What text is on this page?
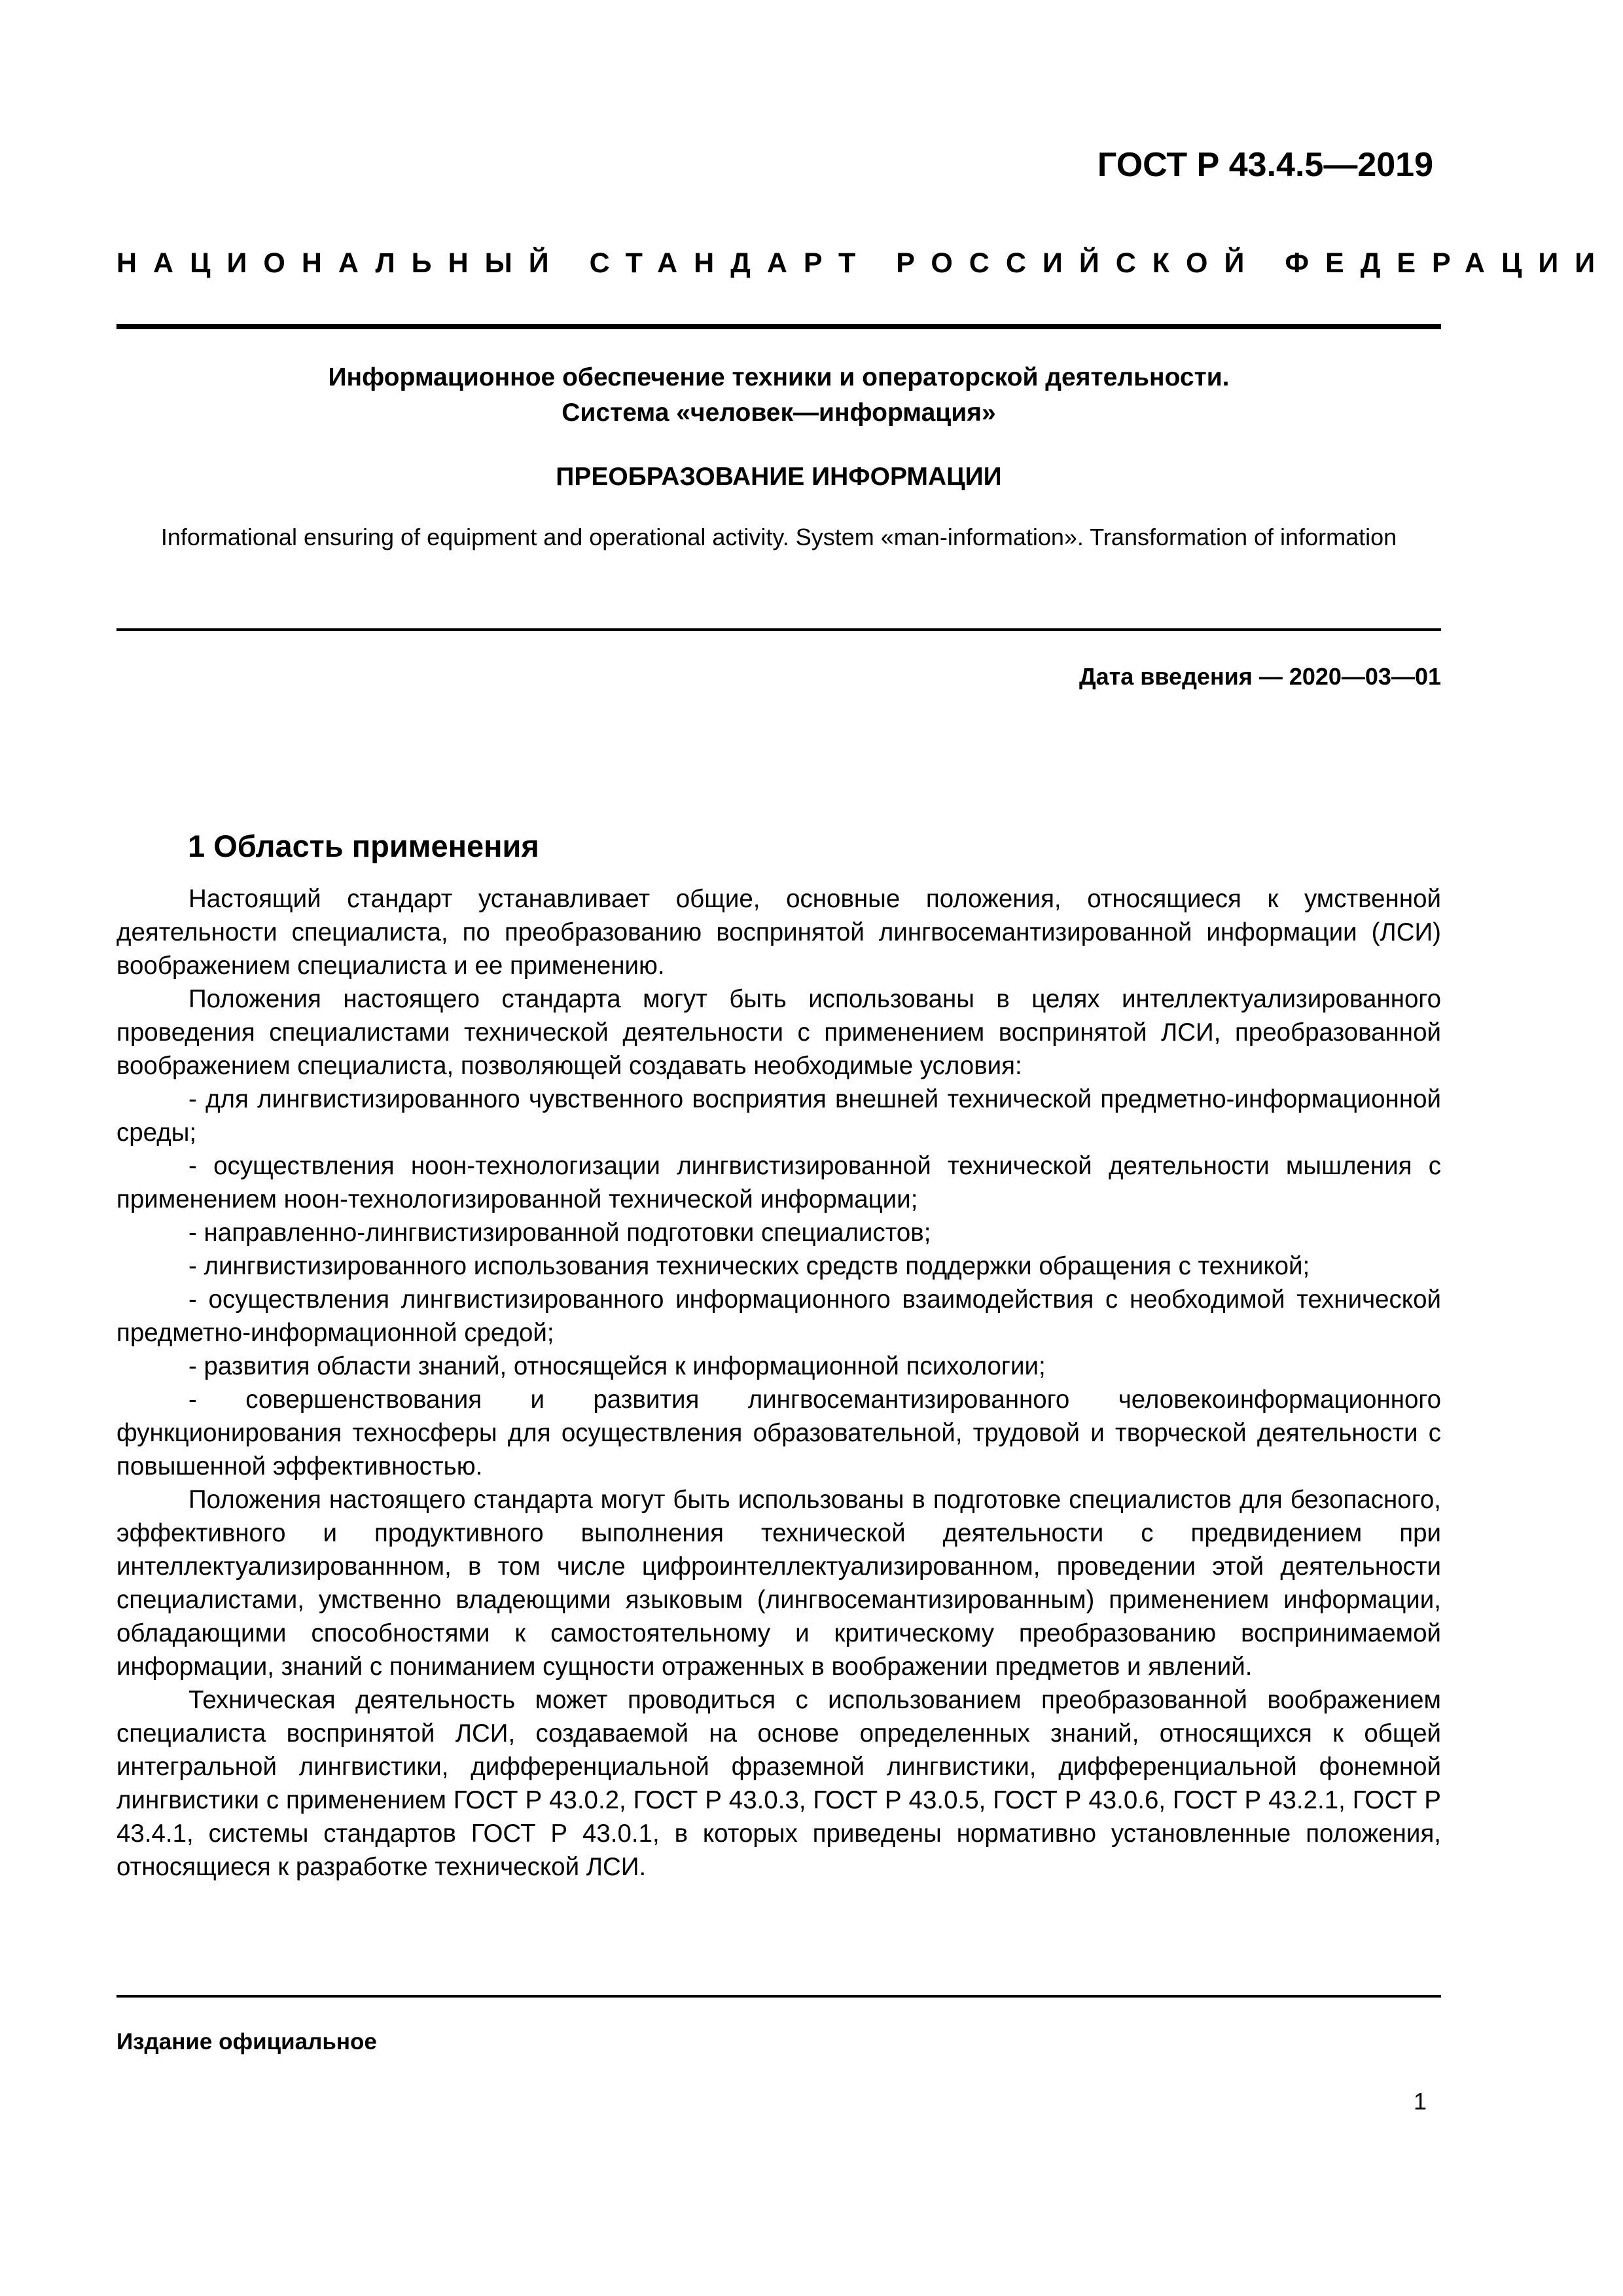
ГОСТ Р 43.4.5—2019
НАЦИОНАЛЬНЫЙ СТАНДАРТ РОССИЙСКОЙ ФЕДЕРАЦИИ
Информационное обеспечение техники и операторской деятельности.
Система «человек—информация»
ПРЕОБРАЗОВАНИЕ ИНФОРМАЦИИ
Informational ensuring of equipment and operational activity. System «man-information». Transformation of information
Дата введения — 2020—03—01
1 Область применения

Настоящий стандарт устанавливает общие, основные положения, относящиеся к умственной деятельности специалиста, по преобразованию воспринятой лингвосемантизированной информации (ЛСИ) воображением специалиста и ее применению.

Положения настоящего стандарта могут быть использованы в целях интеллектуализированного проведения специалистами технической деятельности с применением воспринятой ЛСИ, преобразованной воображением специалиста, позволяющей создавать необходимые условия:

- для лингвистизированного чувственного восприятия внешней технической предметно-информационной среды;

- осуществления ноон-технологизации лингвистизированной технической деятельности мышления с применением ноон-технологизированной технической информации;

- направленно-лингвистизированной подготовки специалистов;

- лингвистизированного использования технических средств поддержки обращения с техникой;

- осуществления лингвистизированного информационного взаимодействия с необходимой технической предметно-информационной средой;

- развития области знаний, относящейся к информационной психологии;

- совершенствования и развития лингвосемантизированного человекоинформационного функционирования техносферы для осуществления образовательной, трудовой и творческой деятельности с повышенной эффективностью.

Положения настоящего стандарта могут быть использованы в подготовке специалистов для безопасного, эффективного и продуктивного выполнения технической деятельности с предвидением при интеллектуализированнном, в том числе цифроинтеллектуализированном, проведении этой деятельности специалистами, умственно владеющими языковым (лингвосемантизированным) применением информации, обладающими способностями к самостоятельному и критическому преобразованию воспринимаемой информации, знаний с пониманием сущности отраженных в воображении предметов и явлений.

Техническая деятельность может проводиться с использованием преобразованной воображением специалиста воспринятой ЛСИ, создаваемой на основе определенных знаний, относящихся к общей интегральной лингвистики, дифференциальной фраземной лингвистики, дифференциальной фонемной лингвистики с применением ГОСТ Р 43.0.2, ГОСТ Р 43.0.3, ГОСТ Р 43.0.5, ГОСТ Р 43.0.6, ГОСТ Р 43.2.1, ГОСТ Р 43.4.1, системы стандартов ГОСТ Р 43.0.1, в которых приведены нормативно установленные положения, относящиеся к разработке технической ЛСИ.

Издание официальное
1
